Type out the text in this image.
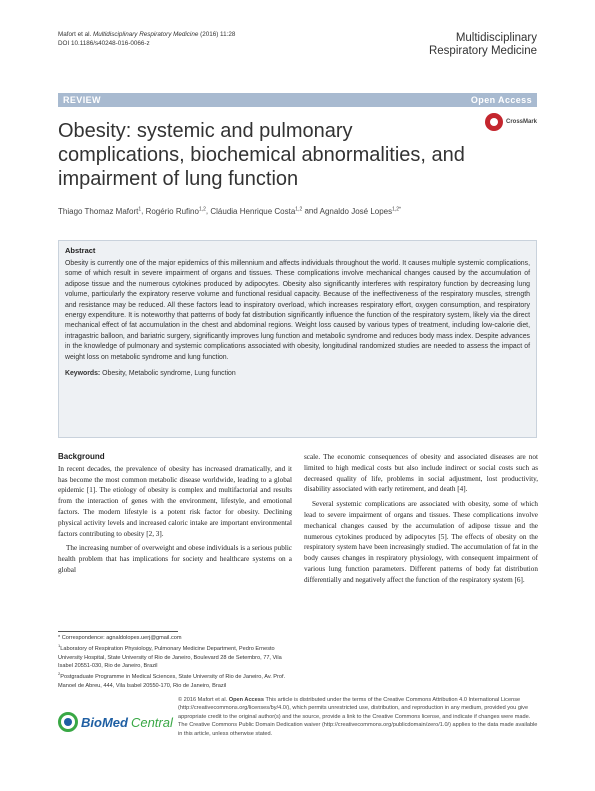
Mafort et al. Multidisciplinary Respiratory Medicine (2016) 11:28
DOI 10.1186/s40248-016-0066-z	Multidisciplinary
Respiratory Medicine
REVIEW	Open Access
Obesity: systemic and pulmonary complications, biochemical abnormalities, and impairment of lung function
CrossMark
Thiago Thomaz Mafort$^1$, Rogério Rufino$^{1,2}$, Cláudia Henrique Costa$^{1,2}$ and Agnaldo José Lopes$^{1,2*}$
Abstract

Obesity is currently one of the major epidemics of this millennium and affects individuals throughout the world. It causes multiple systemic complications, some of which result in severe impairment of organs and tissues. These complications involve mechanical changes caused by the accumulation of adipose tissue and the numerous cytokines produced by adipocytes. Obesity also significantly interferes with respiratory function by decreasing lung volume, particularly the expiratory reserve volume and functional residual capacity. Because of the ineffectiveness of the respiratory muscles, strength and resistance may be reduced. All these factors lead to inspiratory overload, which increases respiratory effort, oxygen consumption, and respiratory energy expenditure. It is noteworthy that patterns of body fat distribution significantly influence the function of the respiratory system, likely via the direct mechanical effect of fat accumulation in the chest and abdominal regions. Weight loss caused by various types of treatment, including low-calorie diet, intragastric balloon, and bariatric surgery, significantly improves lung function and metabolic syndrome and reduces body mass index. Despite advances in the knowledge of pulmonary and systemic complications associated with obesity, longitudinal randomized studies are needed to assess the impact of weight loss on metabolic syndrome and lung function.

Keywords: Obesity, Metabolic syndrome, Lung function
Background

In recent decades, the prevalence of obesity has increased dramatically, and it has become the most common metabolic disease worldwide, leading to a global epidemic [1]. The etiology of obesity is complex and multifactorial and results from the interaction of genes with the environment, lifestyle, and emotional factors. The modern lifestyle is a potent risk factor for obesity. Declining physical activity levels and increased caloric intake are important environmental factors contributing to obesity [2, 3].

The increasing number of overweight and obese individuals is a serious public health problem that has implications for society and healthcare systems on a global

scale. The economic consequences of obesity and associated diseases are not limited to high medical costs but also include indirect or social costs such as decreased quality of life, problems in social adjustment, lost productivity, disability associated with early retirement, and death [4].

Several systemic complications are associated with obesity, some of which lead to severe impairment of organs and tissues. These complications involve mechanical changes caused by the accumulation of adipose tissue and the numerous cytokines produced by adipocytes [5]. The effects of obesity on the respiratory system have been increasingly studied. The accumulation of fat in the body causes changes in respiratory physiology, with consequent impairment of various lung function parameters. Different patterns of body fat distribution differentially and negatively affect the function of the respiratory system [6].

* Correspondence: agnaldolopes.uerj@gmail.com

$^1$Laboratory of Respiration Physiology, Pulmonary Medicine Department, Pedro Ernesto University Hospital, State University of Rio de Janeiro, Boulevard 28 de Setembro, 77, Vila Isabel 20551-030, Rio de Janeiro, Brazil

$^2$Postgraduate Programme in Medical Sciences, State University of Rio de Janeiro, Av. Prof. Manoel de Abreu, 444, Vila Isabel 20550-170, Rio de Janeiro, Brazil

BioMed Central
© 2016 Mafort et al. Open Access This article is distributed under the terms of the Creative Commons Attribution 4.0 International License (http://creativecommons.org/licenses/by/4.0/), which permits unrestricted use, distribution, and reproduction in any medium, provided you give appropriate credit to the original author(s) and the source, provide a link to the Creative Commons license, and indicate if changes were made. The Creative Commons Public Domain Dedication waiver (http://creativecommons.org/publicdomain/zero/1.0/) applies to the data made available in this article, unless otherwise stated.
